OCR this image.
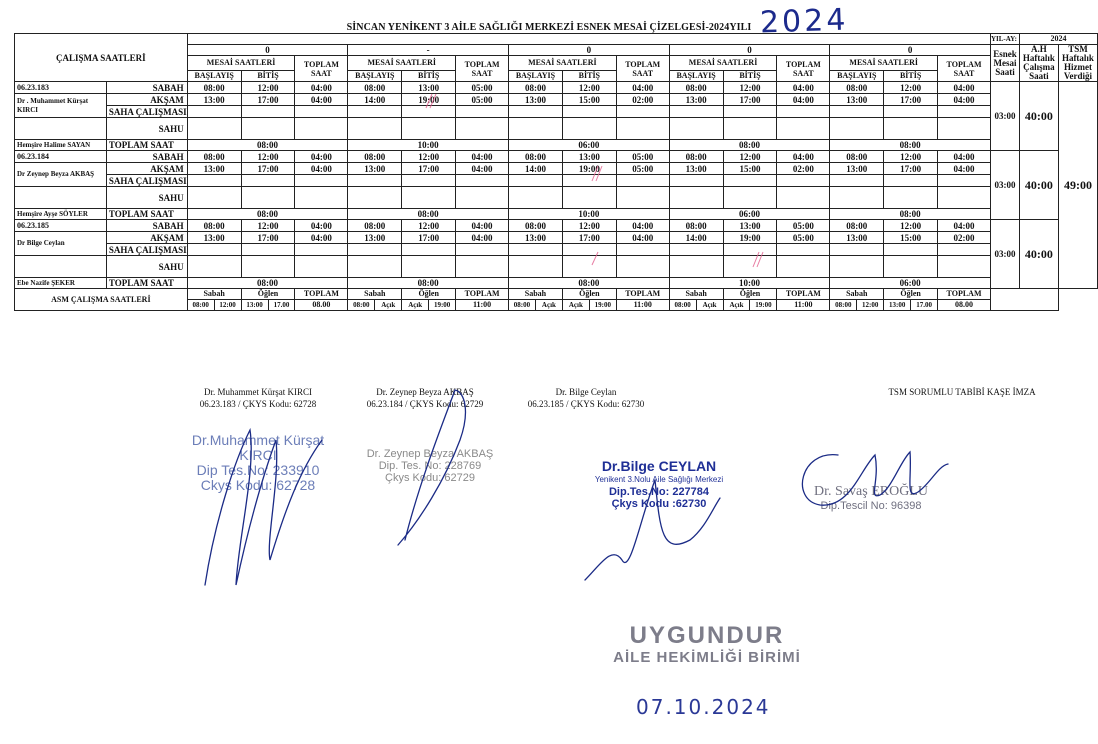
SİNCAN YENİKENT 3 AİLE SAĞLIĞI MERKEZİ ESNEK MESAİ ÇİZELGESİ-2024YILI 2024
ÇALIŞMA SAATLERİ																	YIL-AY:	2024	
		0			-			0			0			0			Esnek Mesai Saati	A.H Haftalık Çalışma Saati	TSM Haftalık Hizmet Verdiği
		MESAİ SAATLERİ		TOPLAM SAAT	MESAİ SAATLERİ		TOPLAM SAAT	MESAİ SAATLERİ		TOPLAM SAAT	MESAİ SAATLERİ		TOPLAM SAAT	MESAİ SAATLERİ		TOPLAM SAAT			
		BAŞLAYIŞ	BİTİŞ		BAŞLAYIŞ	BİTİŞ		BAŞLAYIŞ	BİTİŞ		BAŞLAYIŞ	BİTİŞ		BAŞLAYIŞ	BİTİŞ				
06.23.183	SABAH	08:00	12:00	04:00	08:00	13:00	05:00	08:00	12:00	04:00	08:00	12:00	04:00	08:00	12:00	04:00	03:00	40:00	49:00
Dr . Muhammet Kürşat KIRCI	AKŞAM	13:00	17:00	04:00	14:00	19:00	05:00	13:00	15:00	02:00	13:00	17:00	04:00	13:00	17:00	04:00			
	SAHA ÇALIŞMASI																		
	SAHU																		
Hemşire Halime SAYAN	TOPLAM SAAT	08:00			10:00			06:00			08:00			08:00					
06.23.184	SABAH	08:00	12:00	04:00	08:00	12:00	04:00	08:00	13:00	05:00	08:00	12:00	04:00	08:00	12:00	04:00	03:00	40:00	
Dr Zeynep Beyza AKBAŞ	AKŞAM	13:00	17:00	04:00	13:00	17:00	04:00	14:00	19:00	05:00	13:00	15:00	02:00	13:00	17:00	04:00			
	SAHA ÇALIŞMASI																		
	SAHU																		
Hemşire Ayşe SÖYLER	TOPLAM SAAT	08:00			08:00			10:00			06:00			08:00					
06.23.185	SABAH	08:00	12:00	04:00	08:00	12:00	04:00	08:00	12:00	04:00	08:00	13:00	05:00	08:00	12:00	04:00	03:00	40:00	
Dr Bilge Ceylan	AKŞAM	13:00	17:00	04:00	13:00	17:00	04:00	13:00	17:00	04:00	14:00	19:00	05:00	13:00	15:00	02:00			
	SAHA ÇALIŞMASI																		
	SAHU																		
Ebe Nazife ŞEKER	TOPLAM SAAT	08:00			08:00			08:00			10:00			06:00					
ASM ÇALIŞMA SAATLERİ		Sabah	Öğlen	TOPLAM	Sabah	Öğlen	TOPLAM	Sabah	Öğlen	TOPLAM	Sabah	Öğlen	TOPLAM	Sabah	Öğlen	TOPLAM			

		08:00 12:00 13:00 17.00		08.00	08:00 Açık Açık 19:00		11:00	08:00 Açık Açık 19:00		11:00	08:00 Açık Açık 19:00		11:00	08:00 12:00 13:00 17.00		08.00			
Dr. Muhammet Kürşat KIRCI
06.23.183 / ÇKYS Kodu: 62728
Dr. Zeynep Beyza AKBAŞ
06.23.184 / ÇKYS Kodu: 62729
Dr. Bilge Ceylan
06.23.185 / ÇKYS Kodu: 62730
TSM SORUMLU TABİBİ KAŞE İMZA
Dr.Muhammet Kürşat KIRCI
Dip Tes.No: 233910
Ckys Kodu: 62728
Dr. Zeynep Beyza AKBAŞ
Dip. Tes. No: 228769
Çkys Kodu: 62729
Dr.Bilge CEYLAN
Yenikent 3.Nolu Aile Sağlığı Merkezi
Dip.Tes.No: 227784
Çkys Kodu :62730
Dr. Savaş EROĞLU
Dip.Tescil No: 96398
UYGUNDUR
AİLE HEKİMLİĞİ BİRİMİ
07.10.2024
